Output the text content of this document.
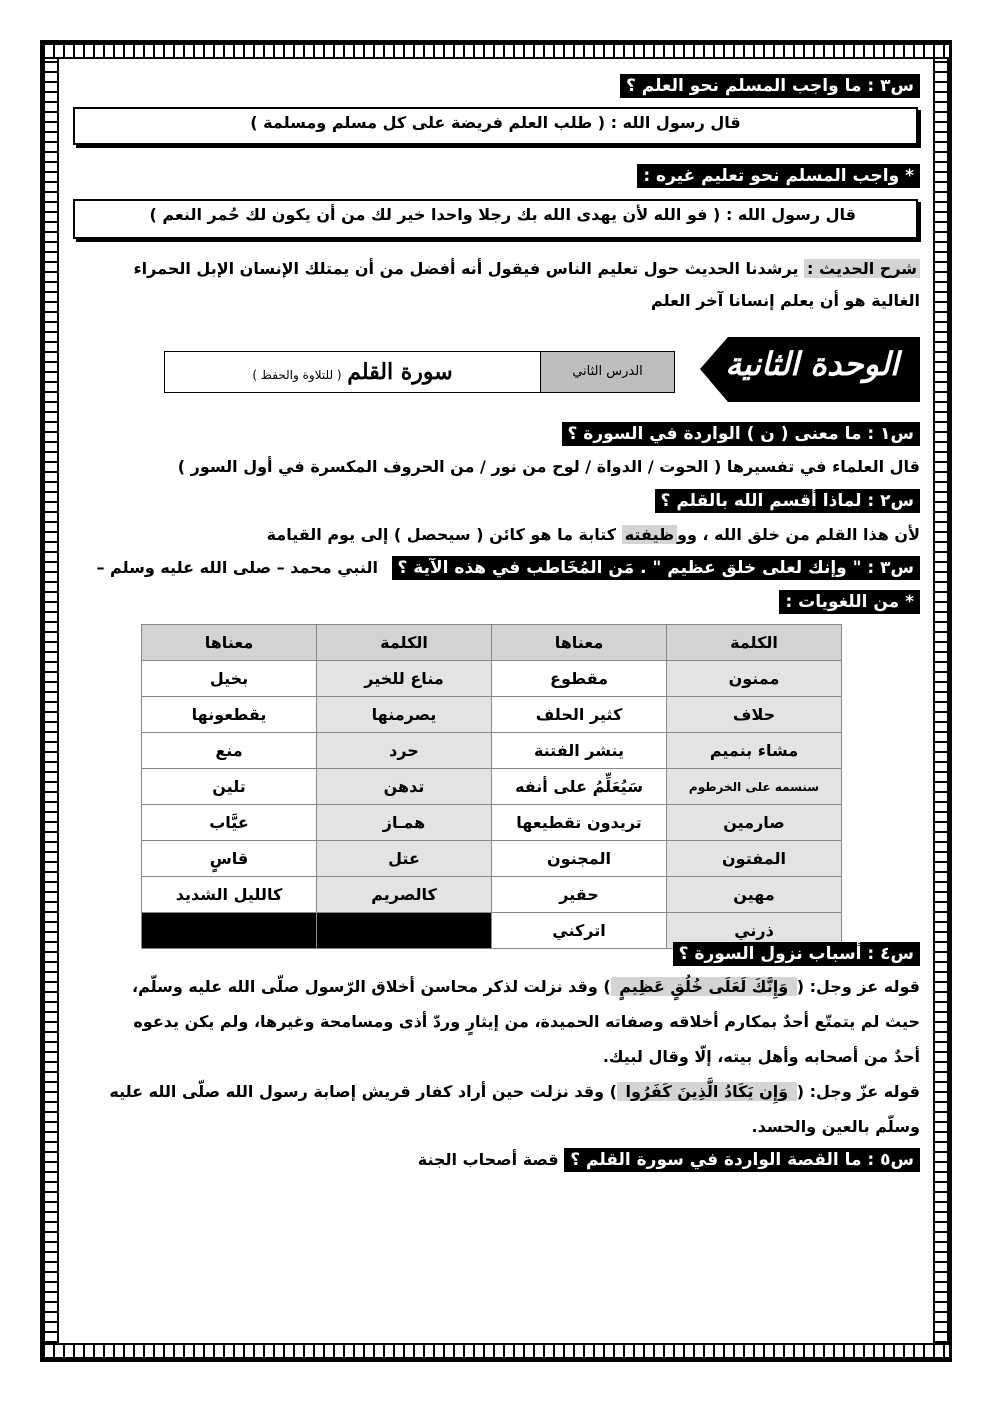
س٣ : ما واجب المسلم نحو العلم ؟
قال رسول الله : ( طلب العلم فريضة على كل مسلم ومسلمة )
* واجب المسلم نحو تعليم غيره :
قال رسول الله : ( فو الله لأن يهدى الله بك رجلا واحدا خير لك من أن يكون لك حُمر النعم )
شرح الحديث : يرشدنا الحديث حول تعليم الناس فيقول أنه أفضل من أن يمتلك الإنسان الإبل الحمراء
الغالية هو أن يعلم إنسانا آخر العلم
الوحدة الثانية
الدرس الثاني
سورة القلم ( للتلاوة والحفظ )
س١ : ما معنى ( ن ) الواردة في السورة ؟
قال العلماء في تفسيرها ( الحوت / الدواة / لوح من نور / من الحروف المكسرة في أول السور )
س٢ : لماذا أقسم الله بالقلم ؟
لأن هذا القلم من خلق الله ، ووظيفته كتابة ما هو كائن ( سيحصل ) إلى يوم القيامة
س٣ : " وإنك لعلى خلق عظيم " . مَن المُخَاطب في هذه الآية ؟ النبي محمد – صلى الله عليه وسلم –
* من اللغويات :
الكلمة	معناها	الكلمة	معناها
ممنون	مقطوع	مناع للخير	بخيل
حلاف	كثير الحلف	يصرمنها	يقطعونها
مشاء بنميم	ينشر الفتنة	حرد	منع
سنسمه على الخرطوم	سَيُعَلِّمُ على أنفه	تدهن	تلين
صارمين	تريدون تقطيعها	همـاز	عيَّاب
المفتون	المجنون	عتل	قاسٍ
مهين	حقير	كالصريم	كالليل الشديد
ذرني	اتركني		
س٤ : أسباب نزول السورة ؟
قوله عز وجل: ( وَإِنَّكَ لَعَلَى خُلُقٍ عَظِيمٍ ) وقد نزلت لذكر محاسن أخلاق الرّسول صلّى الله عليه وسلّم،
حيث لم يتمتّع أحدٌ بمكارم أخلاقه وصفاته الحميدة، من إيثارٍ وردّ أذى ومسامحة وغيرها، ولم يكن يدعوه
أحدٌ من أصحابه وأهل بيته، إلّا وقال لبيك.
قوله عزّ وجل: ( وَإِن يَكَادُ الَّذِينَ كَفَرُوا ) وقد نزلت حين أراد كفار قريش إصابة رسول الله صلّى الله عليه
وسلّم بالعين والحسد.
س٥ : ما القصة الواردة في سورة القلم ؟ قصة أصحاب الجنة
